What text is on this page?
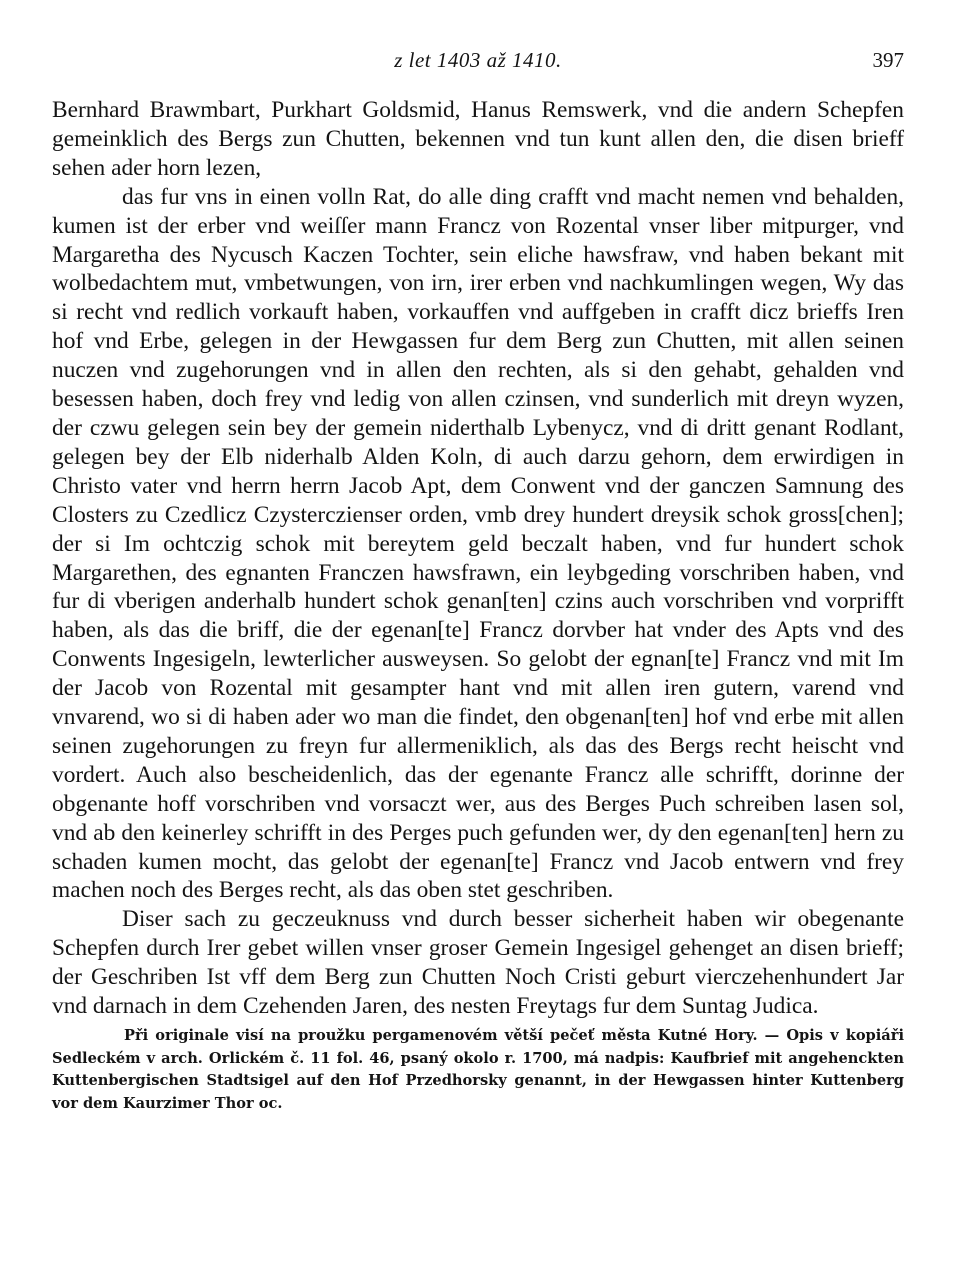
z let 1403 až 1410.	397

Bernhard Brawmbart, Purkhart Goldsmid, Hanus Remswerk, vnd die andern Schepfen gemeinklich des Bergs zun Chutten, bekennen vnd tun kunt allen den, die disen brieff sehen ader horn lezen,

das fur vns in einen volln Rat, do alle ding crafft vnd macht nemen vnd behalden, kumen ist der erber vnd weiſſer mann Francz von Rozental vnser liber mitpurger, vnd Margaretha des Nycusch Kaczen Tochter, sein eliche hawsfraw, vnd haben bekant mit wolbedachtem mut, vmbetwungen, von irn, irer erben vnd nachkumlingen wegen, Wy das si recht vnd redlich vorkauft haben, vorkauffen vnd auffgeben in crafft dicz brieffs Iren hof vnd Erbe, gelegen in der Hewgassen fur dem Berg zun Chutten, mit allen seinen nuczen vnd zugehorungen vnd in allen den rechten, als si den gehabt, gehalden vnd besessen haben, doch frey vnd ledig von allen czinsen, vnd sunderlich mit dreyn wyzen, der czwu gelegen sein bey der gemein niderthalb Lybenycz, vnd di dritt genant Rodlant, gelegen bey der Elb niderhalb Alden Koln, di auch darzu gehorn, dem erwirdigen in Christo vater vnd herrn herrn Jacob Apt, dem Conwent vnd der ganczen Samnung des Closters zu Czedlicz Czysterczienser orden, vmb drey hundert dreysik schok gross[chen]; der si Im ochtczig schok mit bereytem geld beczalt haben, vnd fur hundert schok Margarethen, des egnanten Franczen hawsfrawn, ein leybgeding vorschriben haben, vnd fur di vberigen anderhalb hundert schok genan[ten] czins auch vorschriben vnd vorprifft haben, als das die briff, die der egenan[te] Francz dorvber hat vnder des Apts vnd des Conwents Ingesigeln, lewterlicher ausweysen. So gelobt der egnan[te] Francz vnd mit Im der Jacob von Rozental mit gesampter hant vnd mit allen iren gutern, varend vnd vnvarend, wo si di haben ader wo man die findet, den obgenan[ten] hof vnd erbe mit allen seinen zugehorungen zu freyn fur allermeniklich, als das des Bergs recht heischt vnd vordert. Auch also bescheidenlich, das der egenante Francz alle schrifft, dorinne der obgenante hoff vorschriben vnd vorsaczt wer, aus des Berges Puch schreiben lasen sol, vnd ab den keinerley schrifft in des Perges puch gefunden wer, dy den egenan[ten] hern zu schaden kumen mocht, das gelobt der egenan[te] Francz vnd Jacob entwern vnd frey machen noch des Berges recht, als das oben stet geschriben.

Diser sach zu geczeuknuss vnd durch besser sicherheit haben wir obegenante Schepfen durch Irer gebet willen vnser groser Gemein Ingesigel gehenget an disen brieff; der Geschriben Ist vff dem Berg zun Chutten Noch Cristi geburt vierczehenhundert Jar vnd darnach in dem Czehenden Jaren, des nesten Freytags fur dem Suntag Judica.

Při originale visí na proužku pergamenovém větší pečeť města Kutné Hory. — Opis v kopiáři Sedleckém v arch. Orlickém č. 11 fol. 46, psaný okolo r. 1700, má nadpis: Kaufbrief mit angehenckten Kuttenbergischen Stadtsigel auf den Hof Przedhorsky genannt, in der Hewgassen hinter Kuttenberg vor dem Kaurzimer Thor oc.
